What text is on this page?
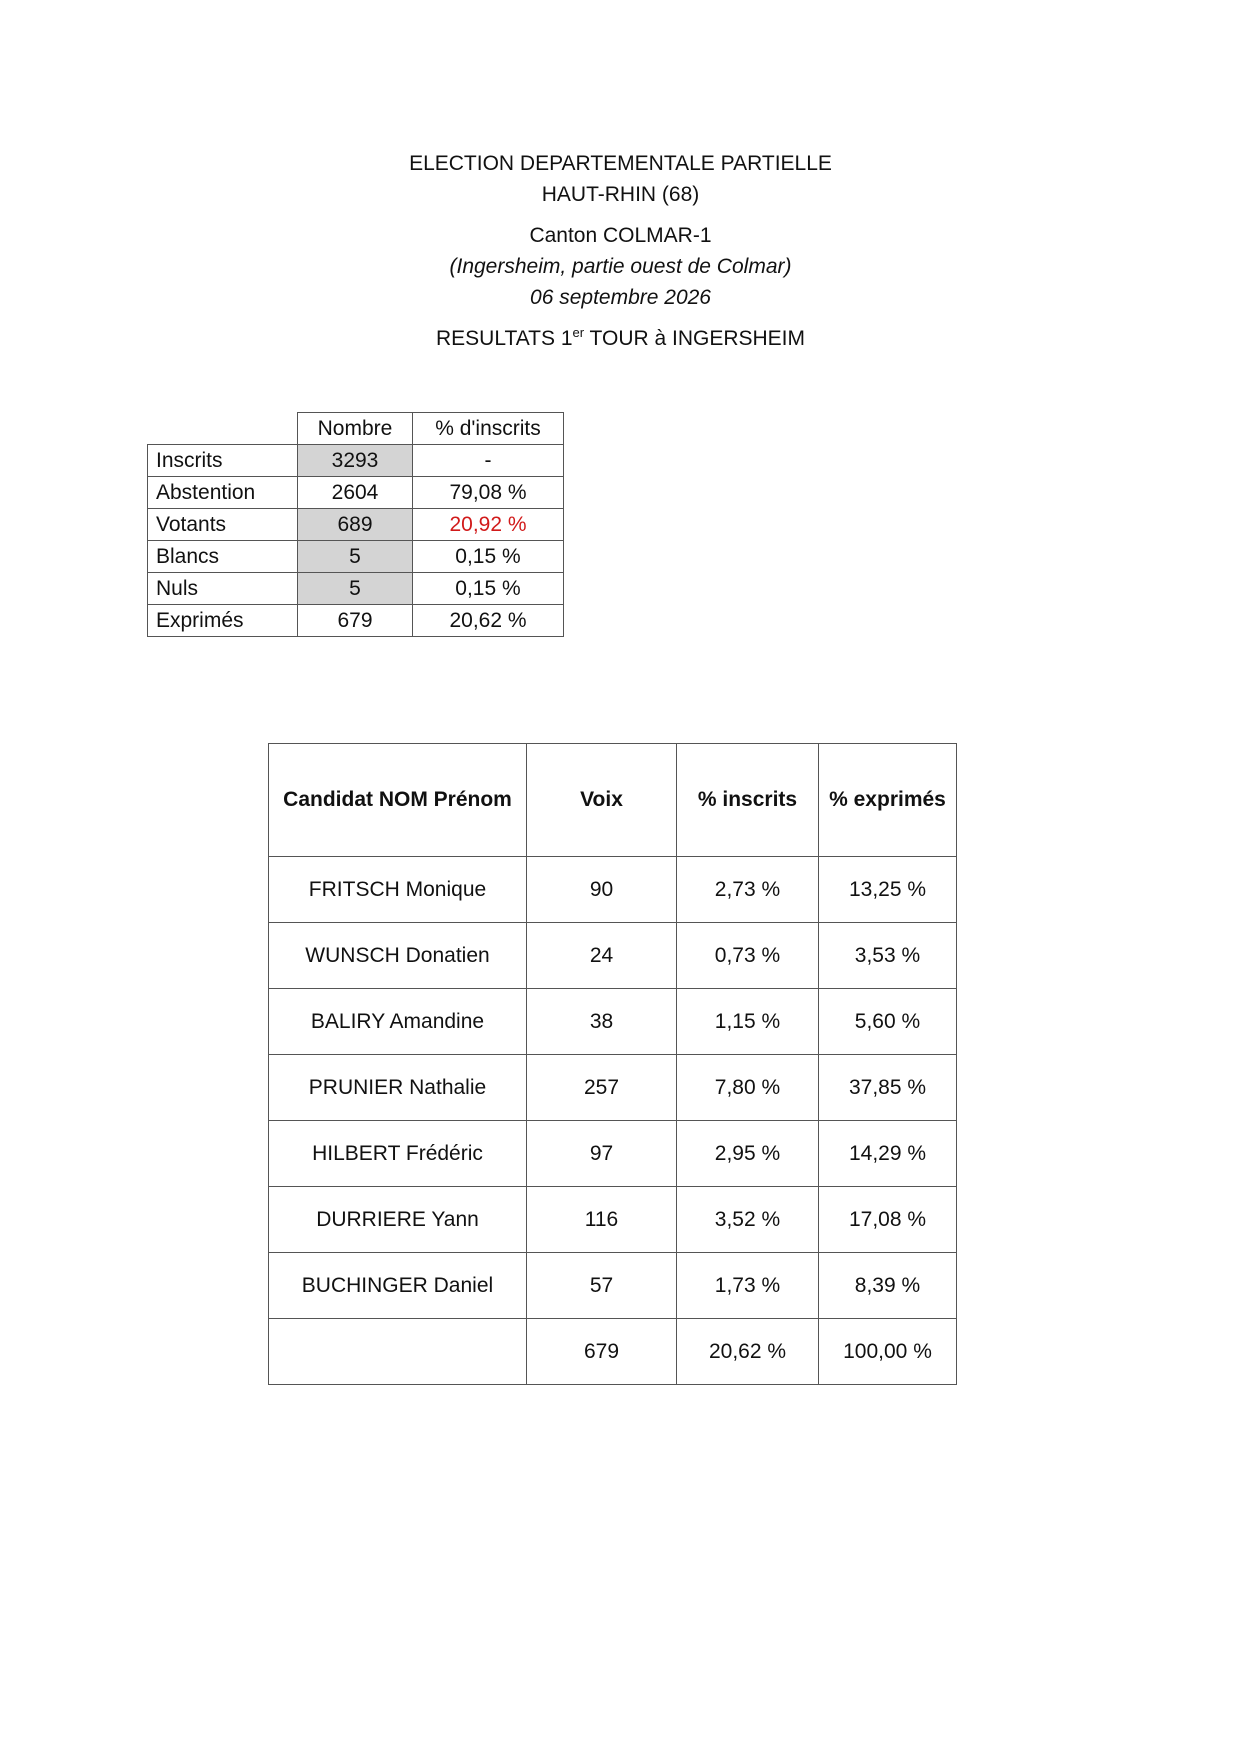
ELECTION DEPARTEMENTALE PARTIELLE
HAUT-RHIN (68)
Canton COLMAR-1
(Ingersheim, partie ouest de Colmar)
06 septembre 2026
RESULTATS 1er TOUR à INGERSHEIM
	Nombre	% d'inscrits
Inscrits	3293	-
Abstention	2604	79,08 %
Votants	689	20,92 %
Blancs	5	0,15 %
Nuls	5	0,15 %
Exprimés	679	20,62 %
Candidat NOM Prénom	Voix	% inscrits	% exprimés
FRITSCH Monique	90	2,73 %	13,25 %
WUNSCH Donatien	24	0,73 %	3,53 %
BALIRY Amandine	38	1,15 %	5,60 %
PRUNIER Nathalie	257	7,80 %	37,85 %
HILBERT Frédéric	97	2,95 %	14,29 %
DURRIERE Yann	116	3,52 %	17,08 %
BUCHINGER Daniel	57	1,73 %	8,39 %
	679	20,62 %	100,00 %
